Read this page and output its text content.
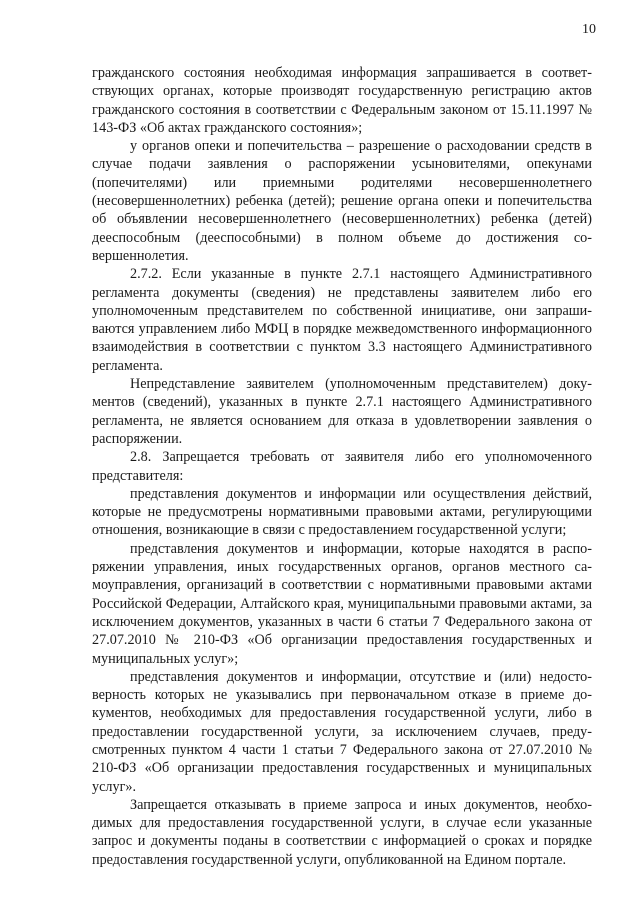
10

гражданского состояния необходимая информация запрашивается в соответствующих органах, которые производят государственную регистрацию актов гражданского состояния в соответствии с Федеральным законом от 15.11.1997 № 143-ФЗ «Об актах гражданского состояния»;

у органов опеки и попечительства – разрешение о расходовании средств в случае подачи заявления о распоряжении усыновителями, опекунами (попечителями) или приемными родителями несовершеннолетнего (несовершеннолетних) ребенка (детей); решение органа опеки и попечительства об объявлении несовершеннолетнего (несовершеннолетних) ребенка (детей) дееспособным (дееспособными) в полном объеме до достижения совершеннолетия.

2.7.2. Если указанные в пункте 2.7.1 настоящего Административного регламента документы (сведения) не представлены заявителем либо его уполномоченным представителем по собственной инициативе, они запрашиваются управлением либо МФЦ в порядке межведомственного информационного взаимодействия в соответствии с пунктом 3.3 настоящего Административного регламента.

Непредставление заявителем (уполномоченным представителем) документов (сведений), указанных в пункте 2.7.1 настоящего Административного регламента, не является основанием для отказа в удовлетворении заявления о распоряжении.

2.8. Запрещается требовать от заявителя либо его уполномоченного представителя:

представления документов и информации или осуществления действий, которые не предусмотрены нормативными правовыми актами, регулирующими отношения, возникающие в связи с предоставлением государственной услуги;

представления документов и информации, которые находятся в распоряжении управления, иных государственных органов, органов местного самоуправления, организаций в соответствии с нормативными правовыми актами Российской Федерации, Алтайского края, муниципальными правовыми актами, за исключением документов, указанных в части 6 статьи 7 Федерального закона от 27.07.2010 № 210-ФЗ «Об организации предоставления государственных и муниципальных услуг»;

представления документов и информации, отсутствие и (или) недостоверность которых не указывались при первоначальном отказе в приеме документов, необходимых для предоставления государственной услуги, либо в предоставлении государственной услуги, за исключением случаев, предусмотренных пунктом 4 части 1 статьи 7 Федерального закона от 27.07.2010 № 210-ФЗ «Об организации предоставления государственных и муниципальных услуг».

Запрещается отказывать в приеме запроса и иных документов, необходимых для предоставления государственной услуги, в случае если указанные запрос и документы поданы в соответствии с информацией о сроках и порядке предоставления государственной услуги, опубликованной на Едином портале.
